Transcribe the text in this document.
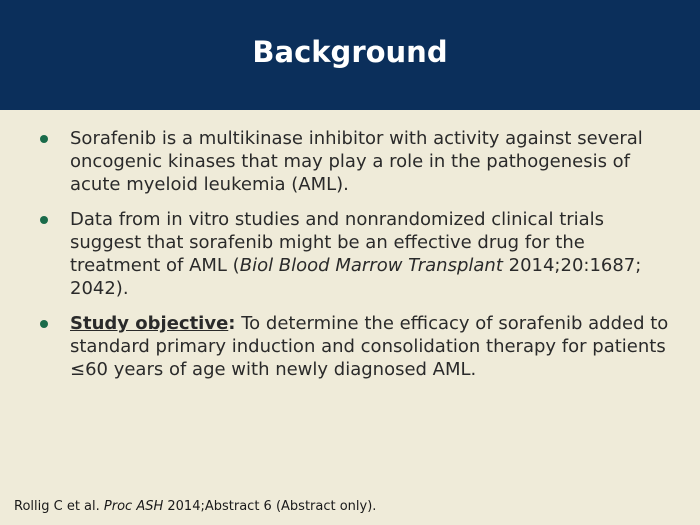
Background
Sorafenib is a multikinase inhibitor with activity against several oncogenic kinases that may play a role in the pathogenesis of acute myeloid leukemia (AML).
Data from in vitro studies and nonrandomized clinical trials suggest that sorafenib might be an effective drug for the treatment of AML (Biol Blood Marrow Transplant 2014;20:1687; 2042).
Study objective: To determine the efficacy of sorafenib added to standard primary induction and consolidation therapy for patients ≤60 years of age with newly diagnosed AML.
Rollig C et al. Proc ASH 2014;Abstract 6 (Abstract only).
